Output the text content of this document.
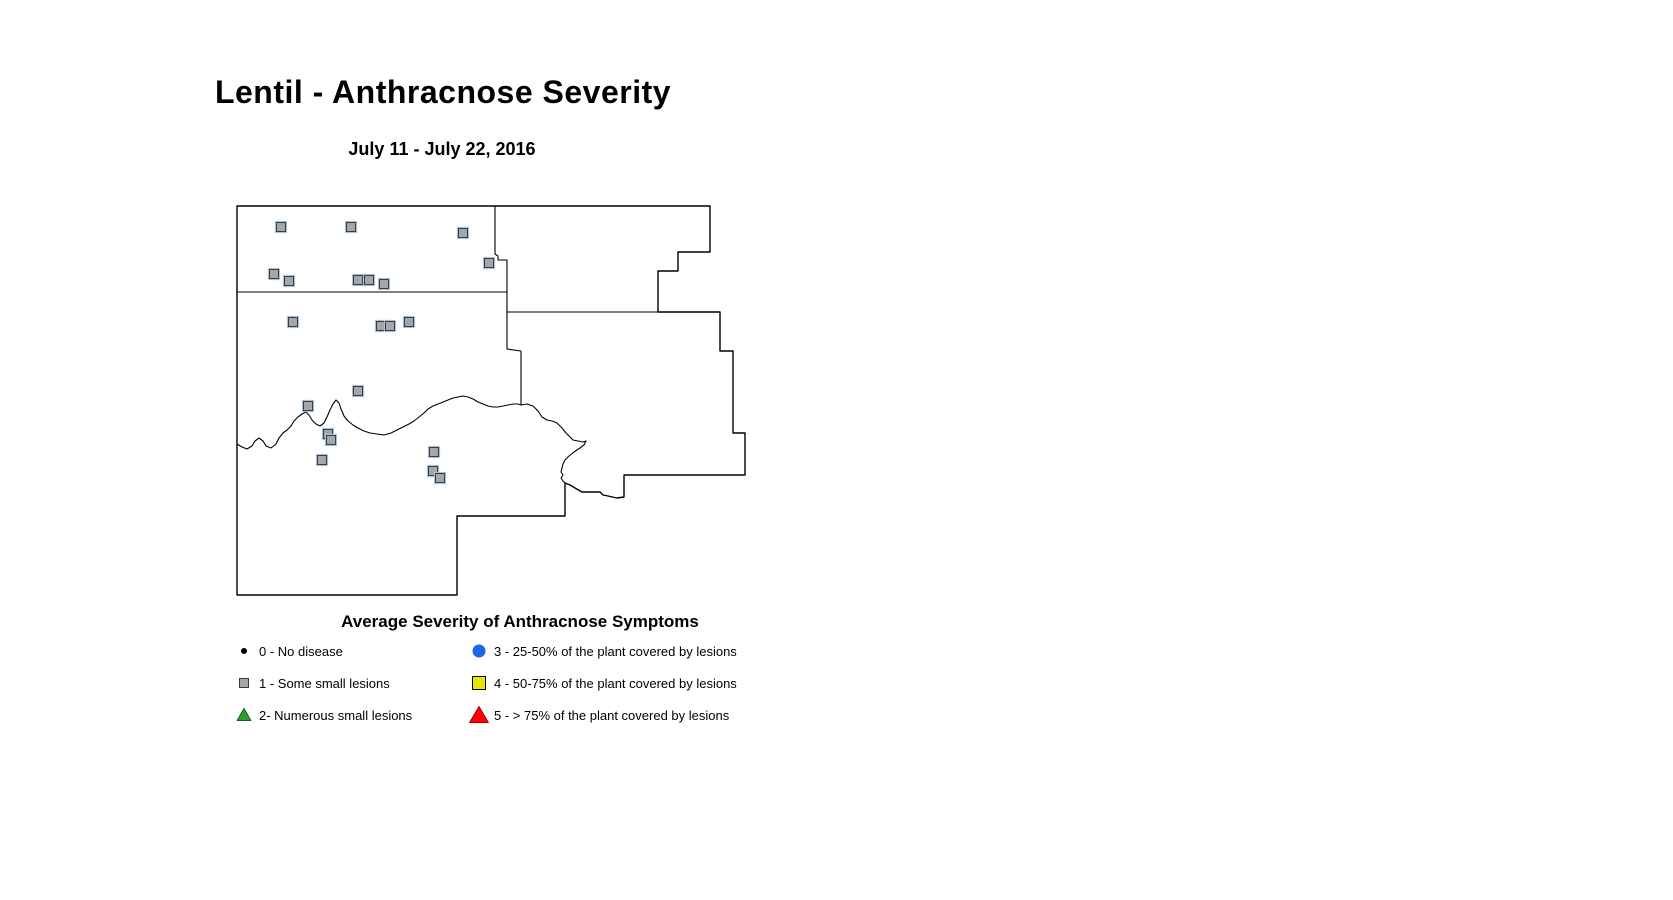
Lentil - Anthracnose Severity
July 11 - July 22, 2016
Average Severity of Anthracnose Symptoms
0 - No disease
1 - Some small lesions
2- Numerous small lesions
3 - 25-50% of the plant covered by lesions
4 - 50-75% of the plant covered by lesions
5 - > 75% of the plant covered by lesions
